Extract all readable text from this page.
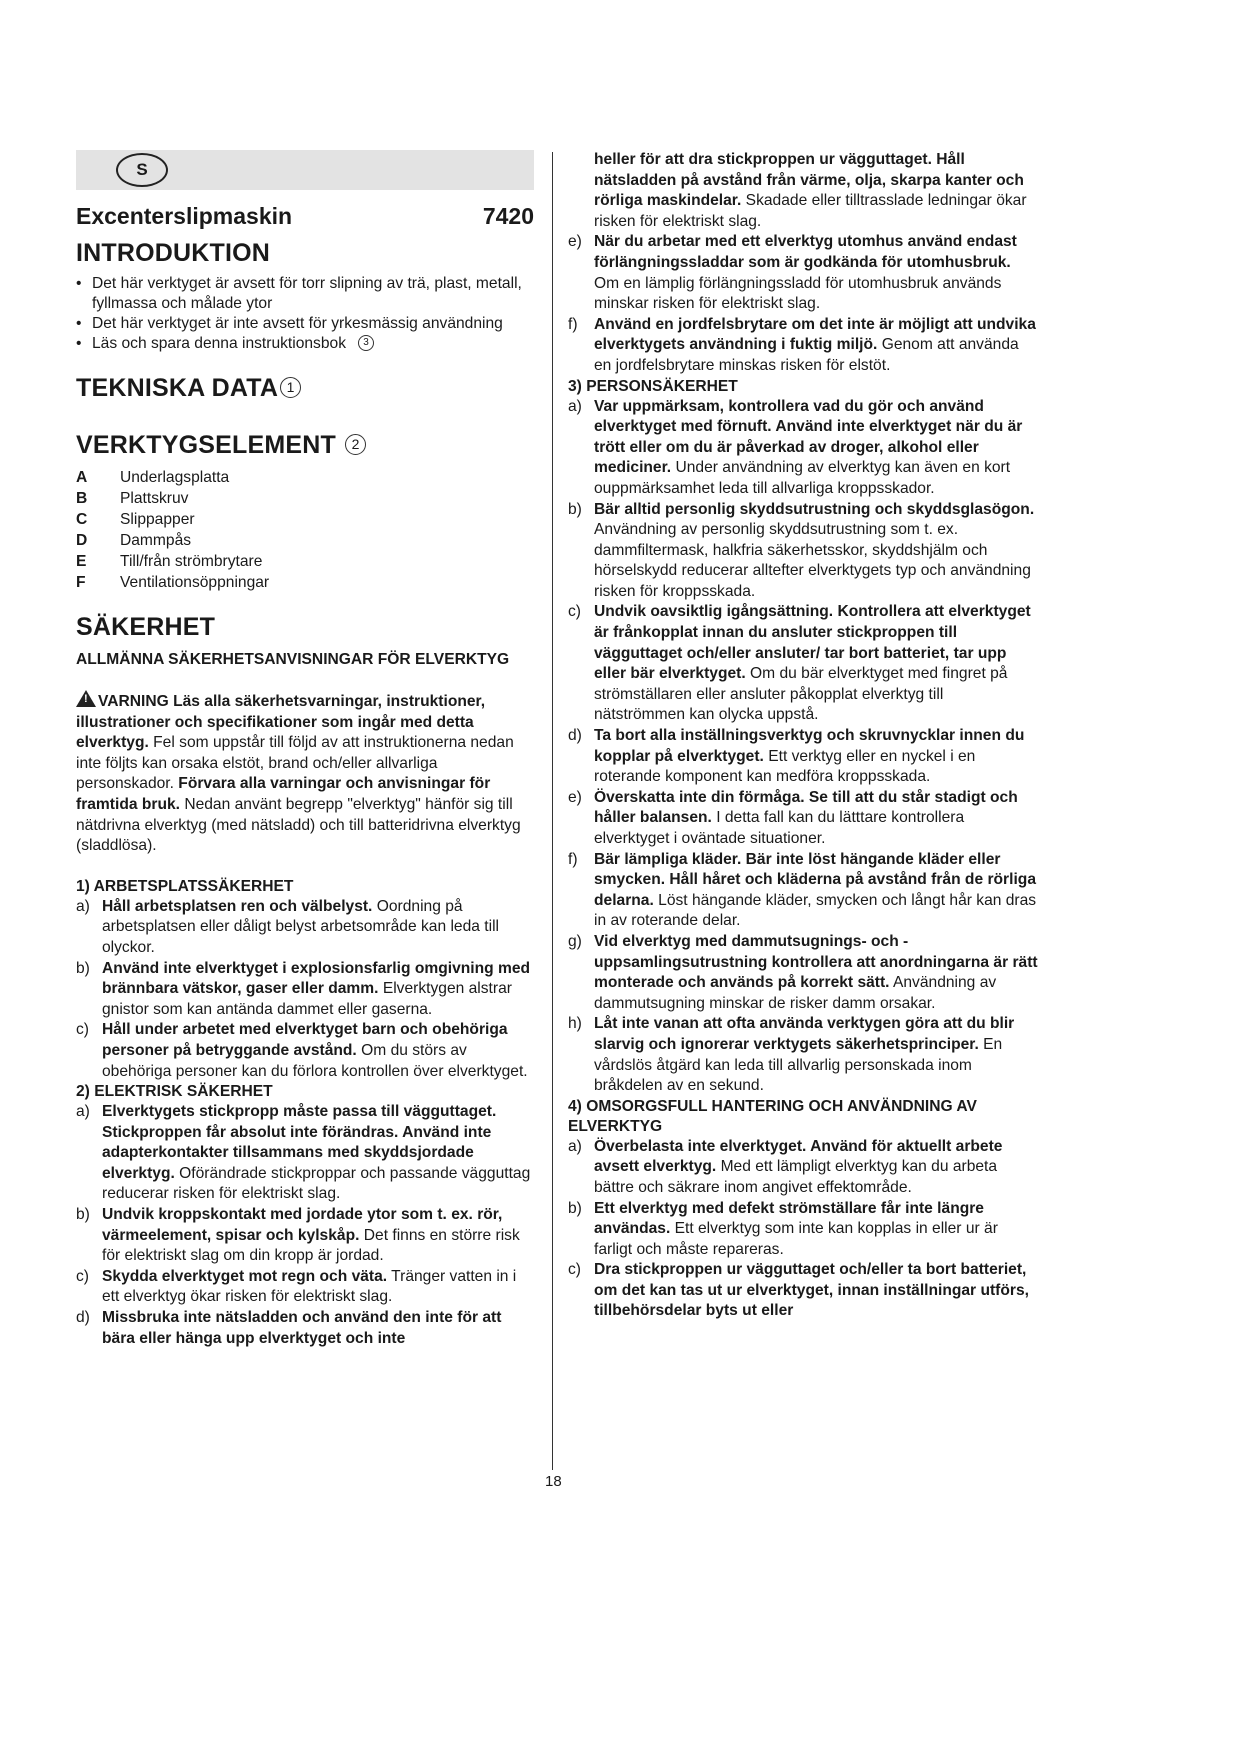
S
Excenterslipmaskin	7420
INTRODUKTION
• Det här verktyget är avsett för torr slipning av trä, plast, metall, fyllmassa och målade ytor
• Det här verktyget är inte avsett för yrkesmässig användning
• Läs och spara denna instruktionsbok 3
TEKNISKA DATA 1
VERKTYGSELEMENT 2
A	Underlagsplatta
B	Plattskruv
C	Slippapper
D	Dammpås
E	Till/från strömbrytare
F	Ventilationsöppningar
SÄKERHET
ALLMÄNNA SÄKERHETSANVISNINGAR FÖR ELVERKTYG
!VARNING Läs alla säkerhetsvarningar, instruktioner, illustrationer och specifikationer som ingår med detta elverktyg. Fel som uppstår till följd av att instruktionerna nedan inte följts kan orsaka elstöt, brand och/eller allvarliga personskador. Förvara alla varningar och anvisningar för framtida bruk. Nedan använt begrepp "elverktyg" hänför sig till nätdrivna elverktyg (med nätsladd) och till batteridrivna elverktyg (sladdlösa).
1) ARBETSPLATSSÄKERHET
a) Håll arbetsplatsen ren och välbelyst. Oordning på arbetsplatsen eller dåligt belyst arbetsområde kan leda till olyckor.
b) Använd inte elverktyget i explosionsfarlig omgivning med brännbara vätskor, gaser eller damm. Elverktygen alstrar gnistor som kan antända dammet eller gaserna.
c) Håll under arbetet med elverktyget barn och obehöriga personer på betryggande avstånd. Om du störs av obehöriga personer kan du förlora kontrollen över elverktyget.
2) ELEKTRISK SÄKERHET
a) Elverktygets stickpropp måste passa till vägguttaget. Stickproppen får absolut inte förändras. Använd inte adapterkontakter tillsammans med skyddsjordade elverktyg. Oförändrade stickproppar och passande vägguttag reducerar risken för elektriskt slag.
b) Undvik kroppskontakt med jordade ytor som t. ex. rör, värmeelement, spisar och kylskåp. Det finns en större risk för elektriskt slag om din kropp är jordad.
c) Skydda elverktyget mot regn och väta. Tränger vatten in i ett elverktyg ökar risken för elektriskt slag.
d) Missbruka inte nätsladden och använd den inte för att bära eller hänga upp elverktyget och inte
heller för att dra stickproppen ur vägguttaget. Håll nätsladden på avstånd från värme, olja, skarpa kanter och rörliga maskindelar. Skadade eller tilltrasslade ledningar ökar risken för elektriskt slag.
e) När du arbetar med ett elverktyg utomhus använd endast förlängningssladdar som är godkända för utomhusbruk. Om en lämplig förlängningssladd för utomhusbruk används minskar risken för elektriskt slag.
f) Använd en jordfelsbrytare om det inte är möjligt att undvika elverktygets användning i fuktig miljö. Genom att använda en jordfelsbrytare minskas risken för elstöt.
3) PERSONSÄKERHET
a) Var uppmärksam, kontrollera vad du gör och använd elverktyget med förnuft. Använd inte elverktyget när du är trött eller om du är påverkad av droger, alkohol eller mediciner. Under användning av elverktyg kan även en kort ouppmärksamhet leda till allvarliga kroppsskador.
b) Bär alltid personlig skyddsutrustning och skyddsglasögon. Användning av personlig skyddsutrustning som t. ex. dammfiltermask, halkfria säkerhetsskor, skyddshjälm och hörselskydd reducerar alltefter elverktygets typ och användning risken för kroppsskada.
c) Undvik oavsiktlig igångsättning. Kontrollera att elverktyget är frånkopplat innan du ansluter stickproppen till vägguttaget och/eller ansluter/ tar bort batteriet, tar upp eller bär elverktyget. Om du bär elverktyget med fingret på strömställaren eller ansluter påkopplat elverktyg till nätströmmen kan olycka uppstå.
d) Ta bort alla inställningsverktyg och skruvnycklar innen du kopplar på elverktyget. Ett verktyg eller en nyckel i en roterande komponent kan medföra kroppsskada.
e) Överskatta inte din förmåga. Se till att du står stadigt och håller balansen. I detta fall kan du lätttare kontrollera elverktyget i oväntade situationer.
f) Bär lämpliga kläder. Bär inte löst hängande kläder eller smycken. Håll håret och kläderna på avstånd från de rörliga delarna. Löst hängande kläder, smycken och långt hår kan dras in av roterande delar.
g) Vid elverktyg med dammutsugnings- och -uppsamlingsutrustning kontrollera att anordningarna är rätt monterade och används på korrekt sätt. Användning av dammutsugning minskar de risker damm orsakar.
h) Låt inte vanan att ofta använda verktygen göra att du blir slarvig och ignorerar verktygets säkerhetsprinciper. En vårdslös åtgärd kan leda till allvarlig personskada inom bråkdelen av en sekund.
4) OMSORGSFULL HANTERING OCH ANVÄNDNING AV ELVERKTYG
a) Överbelasta inte elverktyget. Använd för aktuellt arbete avsett elverktyg. Med ett lämpligt elverktyg kan du arbeta bättre och säkrare inom angivet effektområde.
b) Ett elverktyg med defekt strömställare får inte längre användas. Ett elverktyg som inte kan kopplas in eller ur är farligt och måste repareras.
c) Dra stickproppen ur vägguttaget och/eller ta bort batteriet, om det kan tas ut ur elverktyget, innan inställningar utförs, tillbehörsdelar byts ut eller
18
